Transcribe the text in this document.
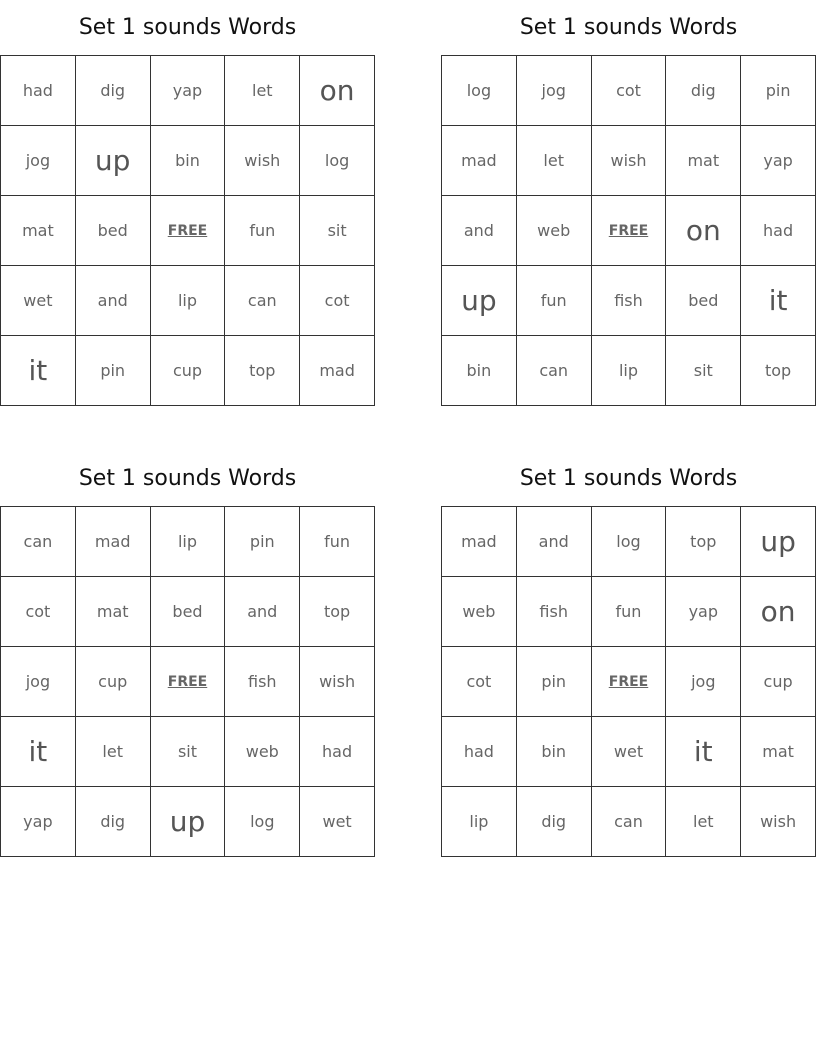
Set 1 sounds Words
had	dig	yap	let	on
jog	up	bin	wish	log
mat	bed	FREE	fun	sit
wet	and	lip	can	cot
it	pin	cup	top	mad
Set 1 sounds Words
log	jog	cot	dig	pin
mad	let	wish	mat	yap
and	web	FREE	on	had
up	fun	fish	bed	it
bin	can	lip	sit	top
Set 1 sounds Words
can	mad	lip	pin	fun
cot	mat	bed	and	top
jog	cup	FREE	fish	wish
it	let	sit	web	had
yap	dig	up	log	wet
Set 1 sounds Words
mad	and	log	top	up
web	fish	fun	yap	on
cot	pin	FREE	jog	cup
had	bin	wet	it	mat
lip	dig	can	let	wish
